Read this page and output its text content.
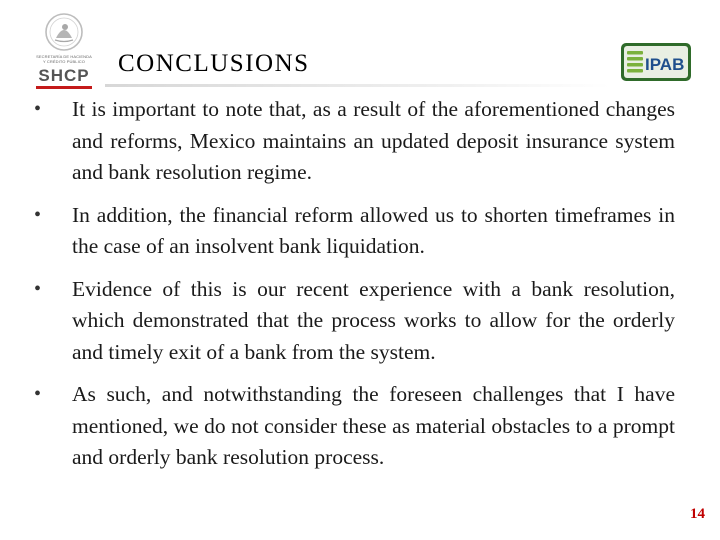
SECRETARÍA DE HACIENDA
Y CRÉDITO PÚBLICO
SHCP CONCLUSIONS	IPAB
• It is important to note that, as a result of the aforementioned changes and reforms, Mexico maintains an updated deposit insurance system and bank resolution regime.
• In addition, the financial reform allowed us to shorten timeframes in the case of an insolvent bank liquidation.
• Evidence of this is our recent experience with a bank resolution, which demonstrated that the process works to allow for the orderly and timely exit of a bank from the system.
• As such, and notwithstanding the foreseen challenges that I have mentioned, we do not consider these as material obstacles to a prompt and orderly bank resolution process.
14
